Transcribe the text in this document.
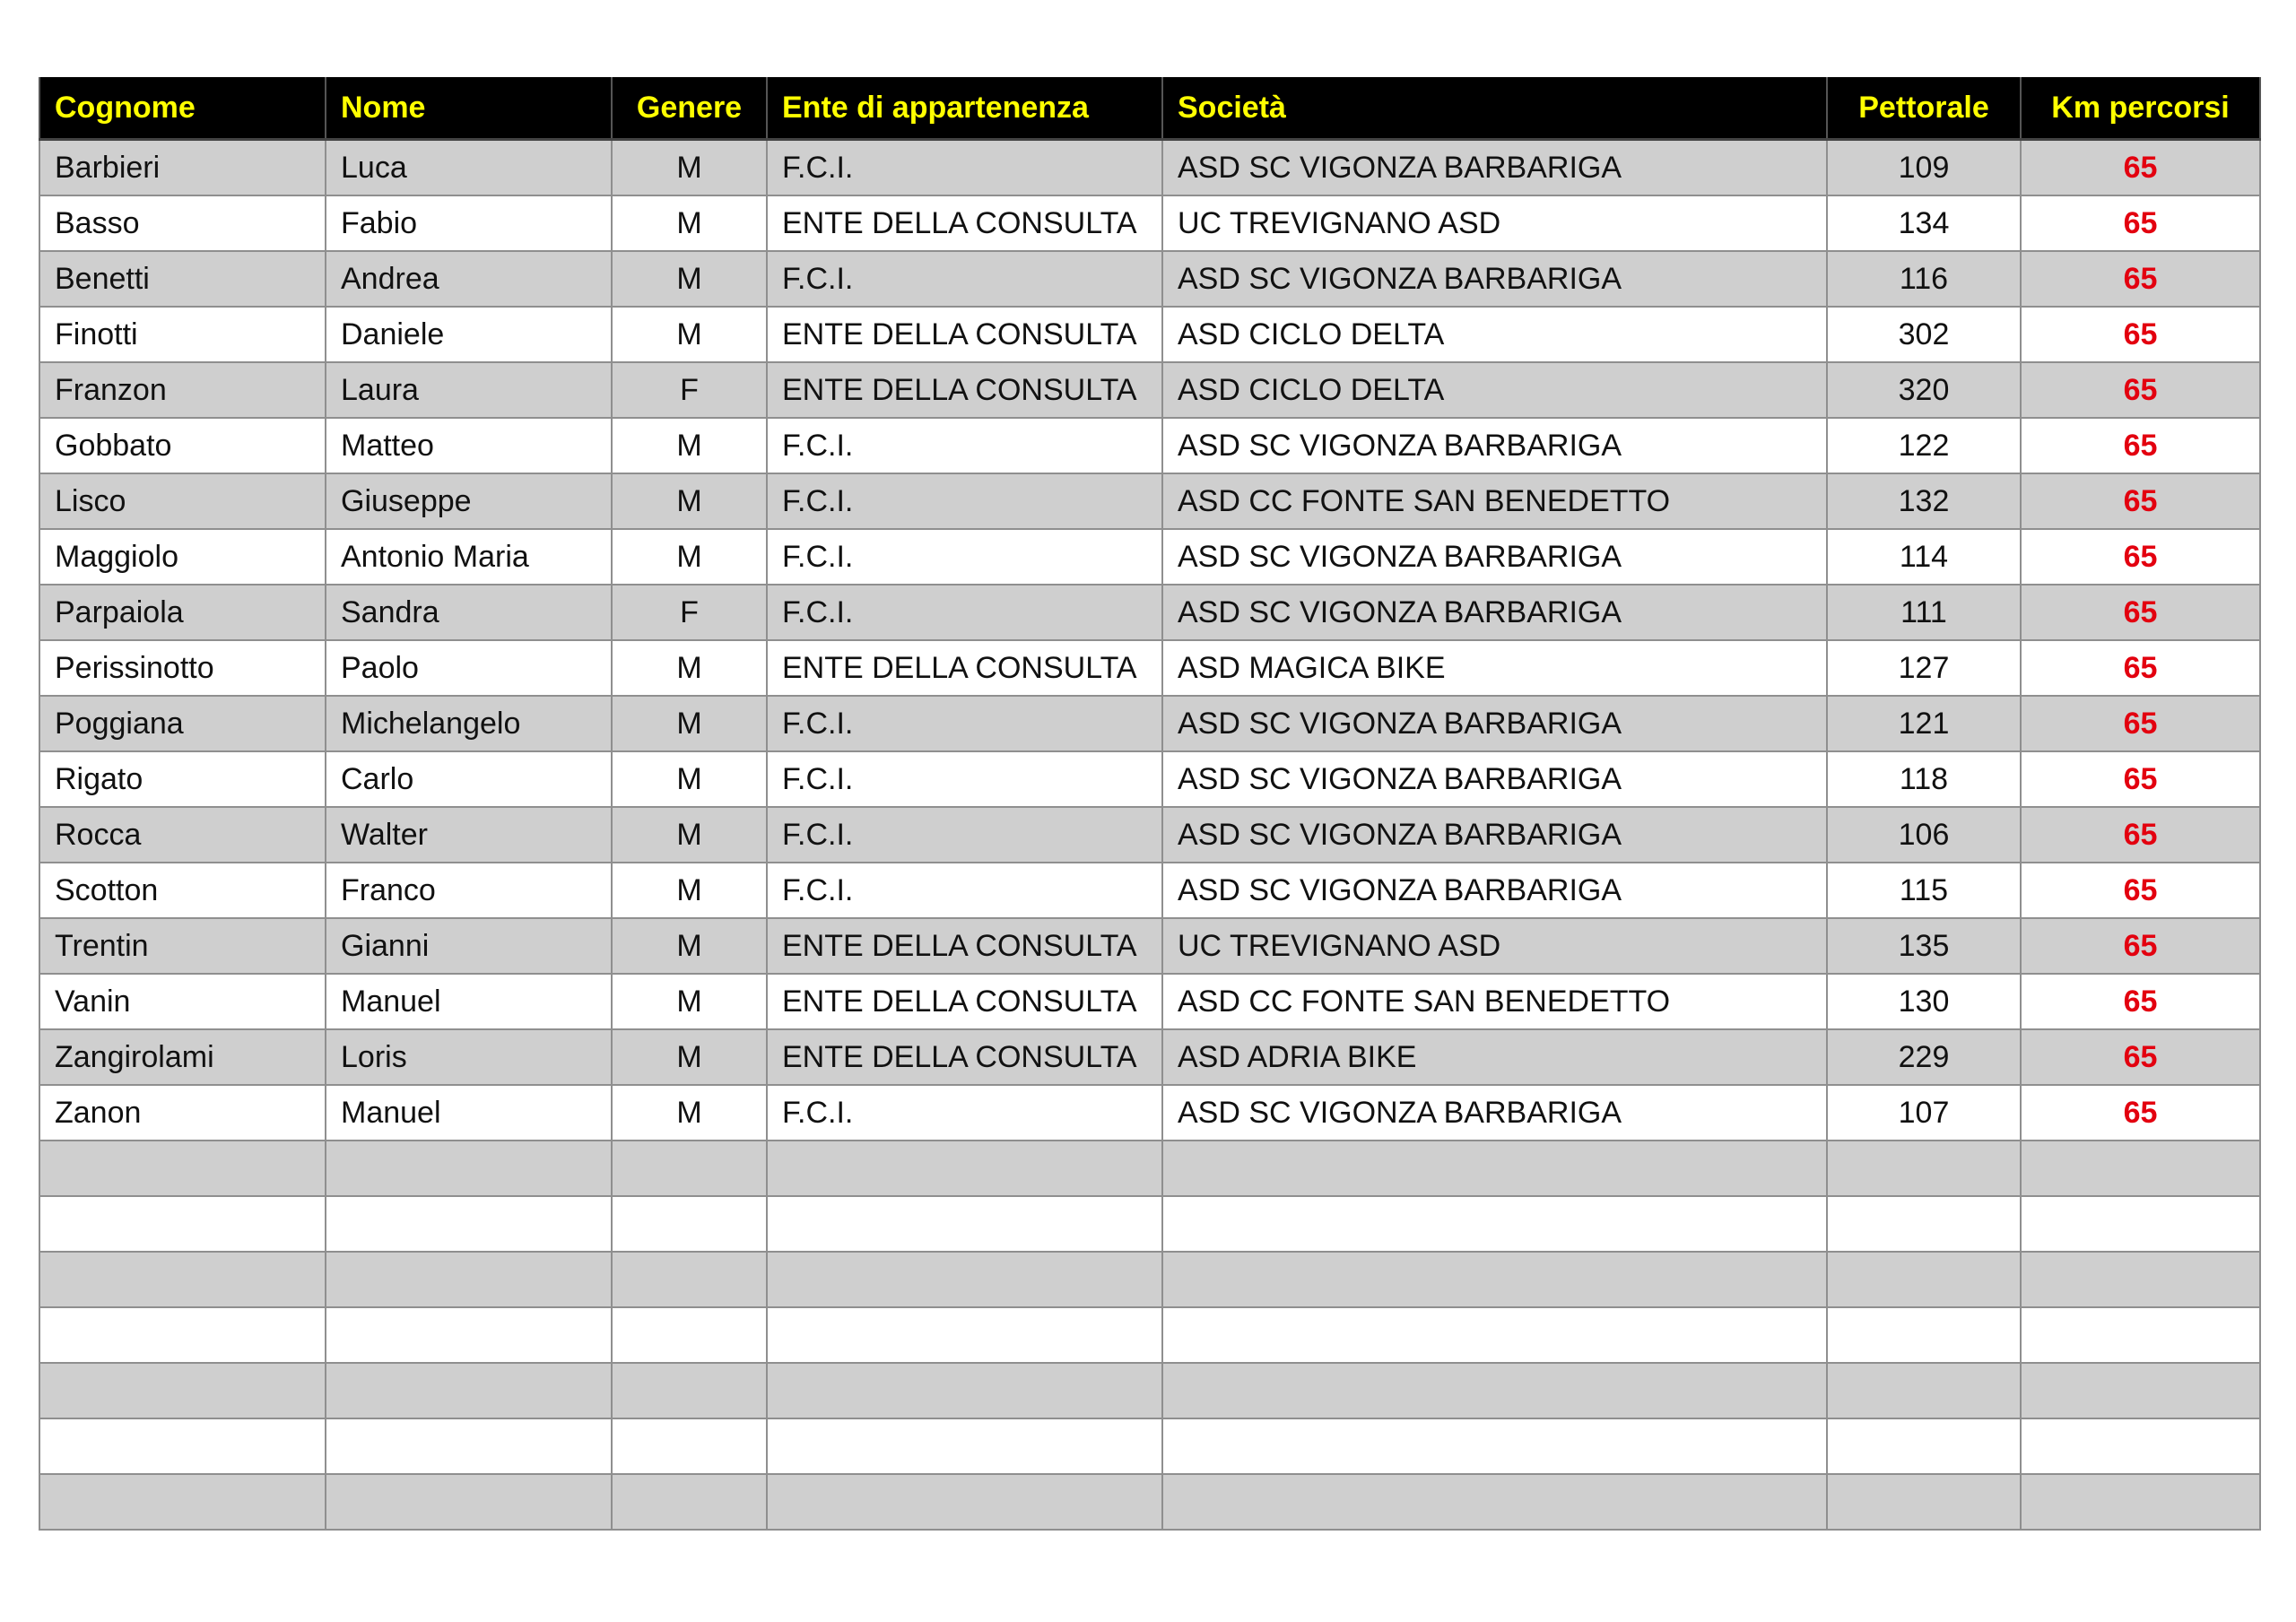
Cognome	Nome	Genere	Ente di appartenenza	Società	Pettorale	Km percorsi
Barbieri	Luca	M	F.C.I.	ASD SC VIGONZA BARBARIGA	109	65
Basso	Fabio	M	ENTE DELLA CONSULTA	UC TREVIGNANO ASD	134	65
Benetti	Andrea	M	F.C.I.	ASD SC VIGONZA BARBARIGA	116	65
Finotti	Daniele	M	ENTE DELLA CONSULTA	ASD CICLO DELTA	302	65
Franzon	Laura	F	ENTE DELLA CONSULTA	ASD CICLO DELTA	320	65
Gobbato	Matteo	M	F.C.I.	ASD SC VIGONZA BARBARIGA	122	65
Lisco	Giuseppe	M	F.C.I.	ASD CC FONTE SAN BENEDETTO	132	65
Maggiolo	Antonio Maria	M	F.C.I.	ASD SC VIGONZA BARBARIGA	114	65
Parpaiola	Sandra	F	F.C.I.	ASD SC VIGONZA BARBARIGA	111	65
Perissinotto	Paolo	M	ENTE DELLA CONSULTA	ASD MAGICA BIKE	127	65
Poggiana	Michelangelo	M	F.C.I.	ASD SC VIGONZA BARBARIGA	121	65
Rigato	Carlo	M	F.C.I.	ASD SC VIGONZA BARBARIGA	118	65
Rocca	Walter	M	F.C.I.	ASD SC VIGONZA BARBARIGA	106	65
Scotton	Franco	M	F.C.I.	ASD SC VIGONZA BARBARIGA	115	65
Trentin	Gianni	M	ENTE DELLA CONSULTA	UC TREVIGNANO ASD	135	65
Vanin	Manuel	M	ENTE DELLA CONSULTA	ASD CC FONTE SAN BENEDETTO	130	65
Zangirolami	Loris	M	ENTE DELLA CONSULTA	ASD ADRIA BIKE	229	65
Zanon	Manuel	M	F.C.I.	ASD SC VIGONZA BARBARIGA	107	65
